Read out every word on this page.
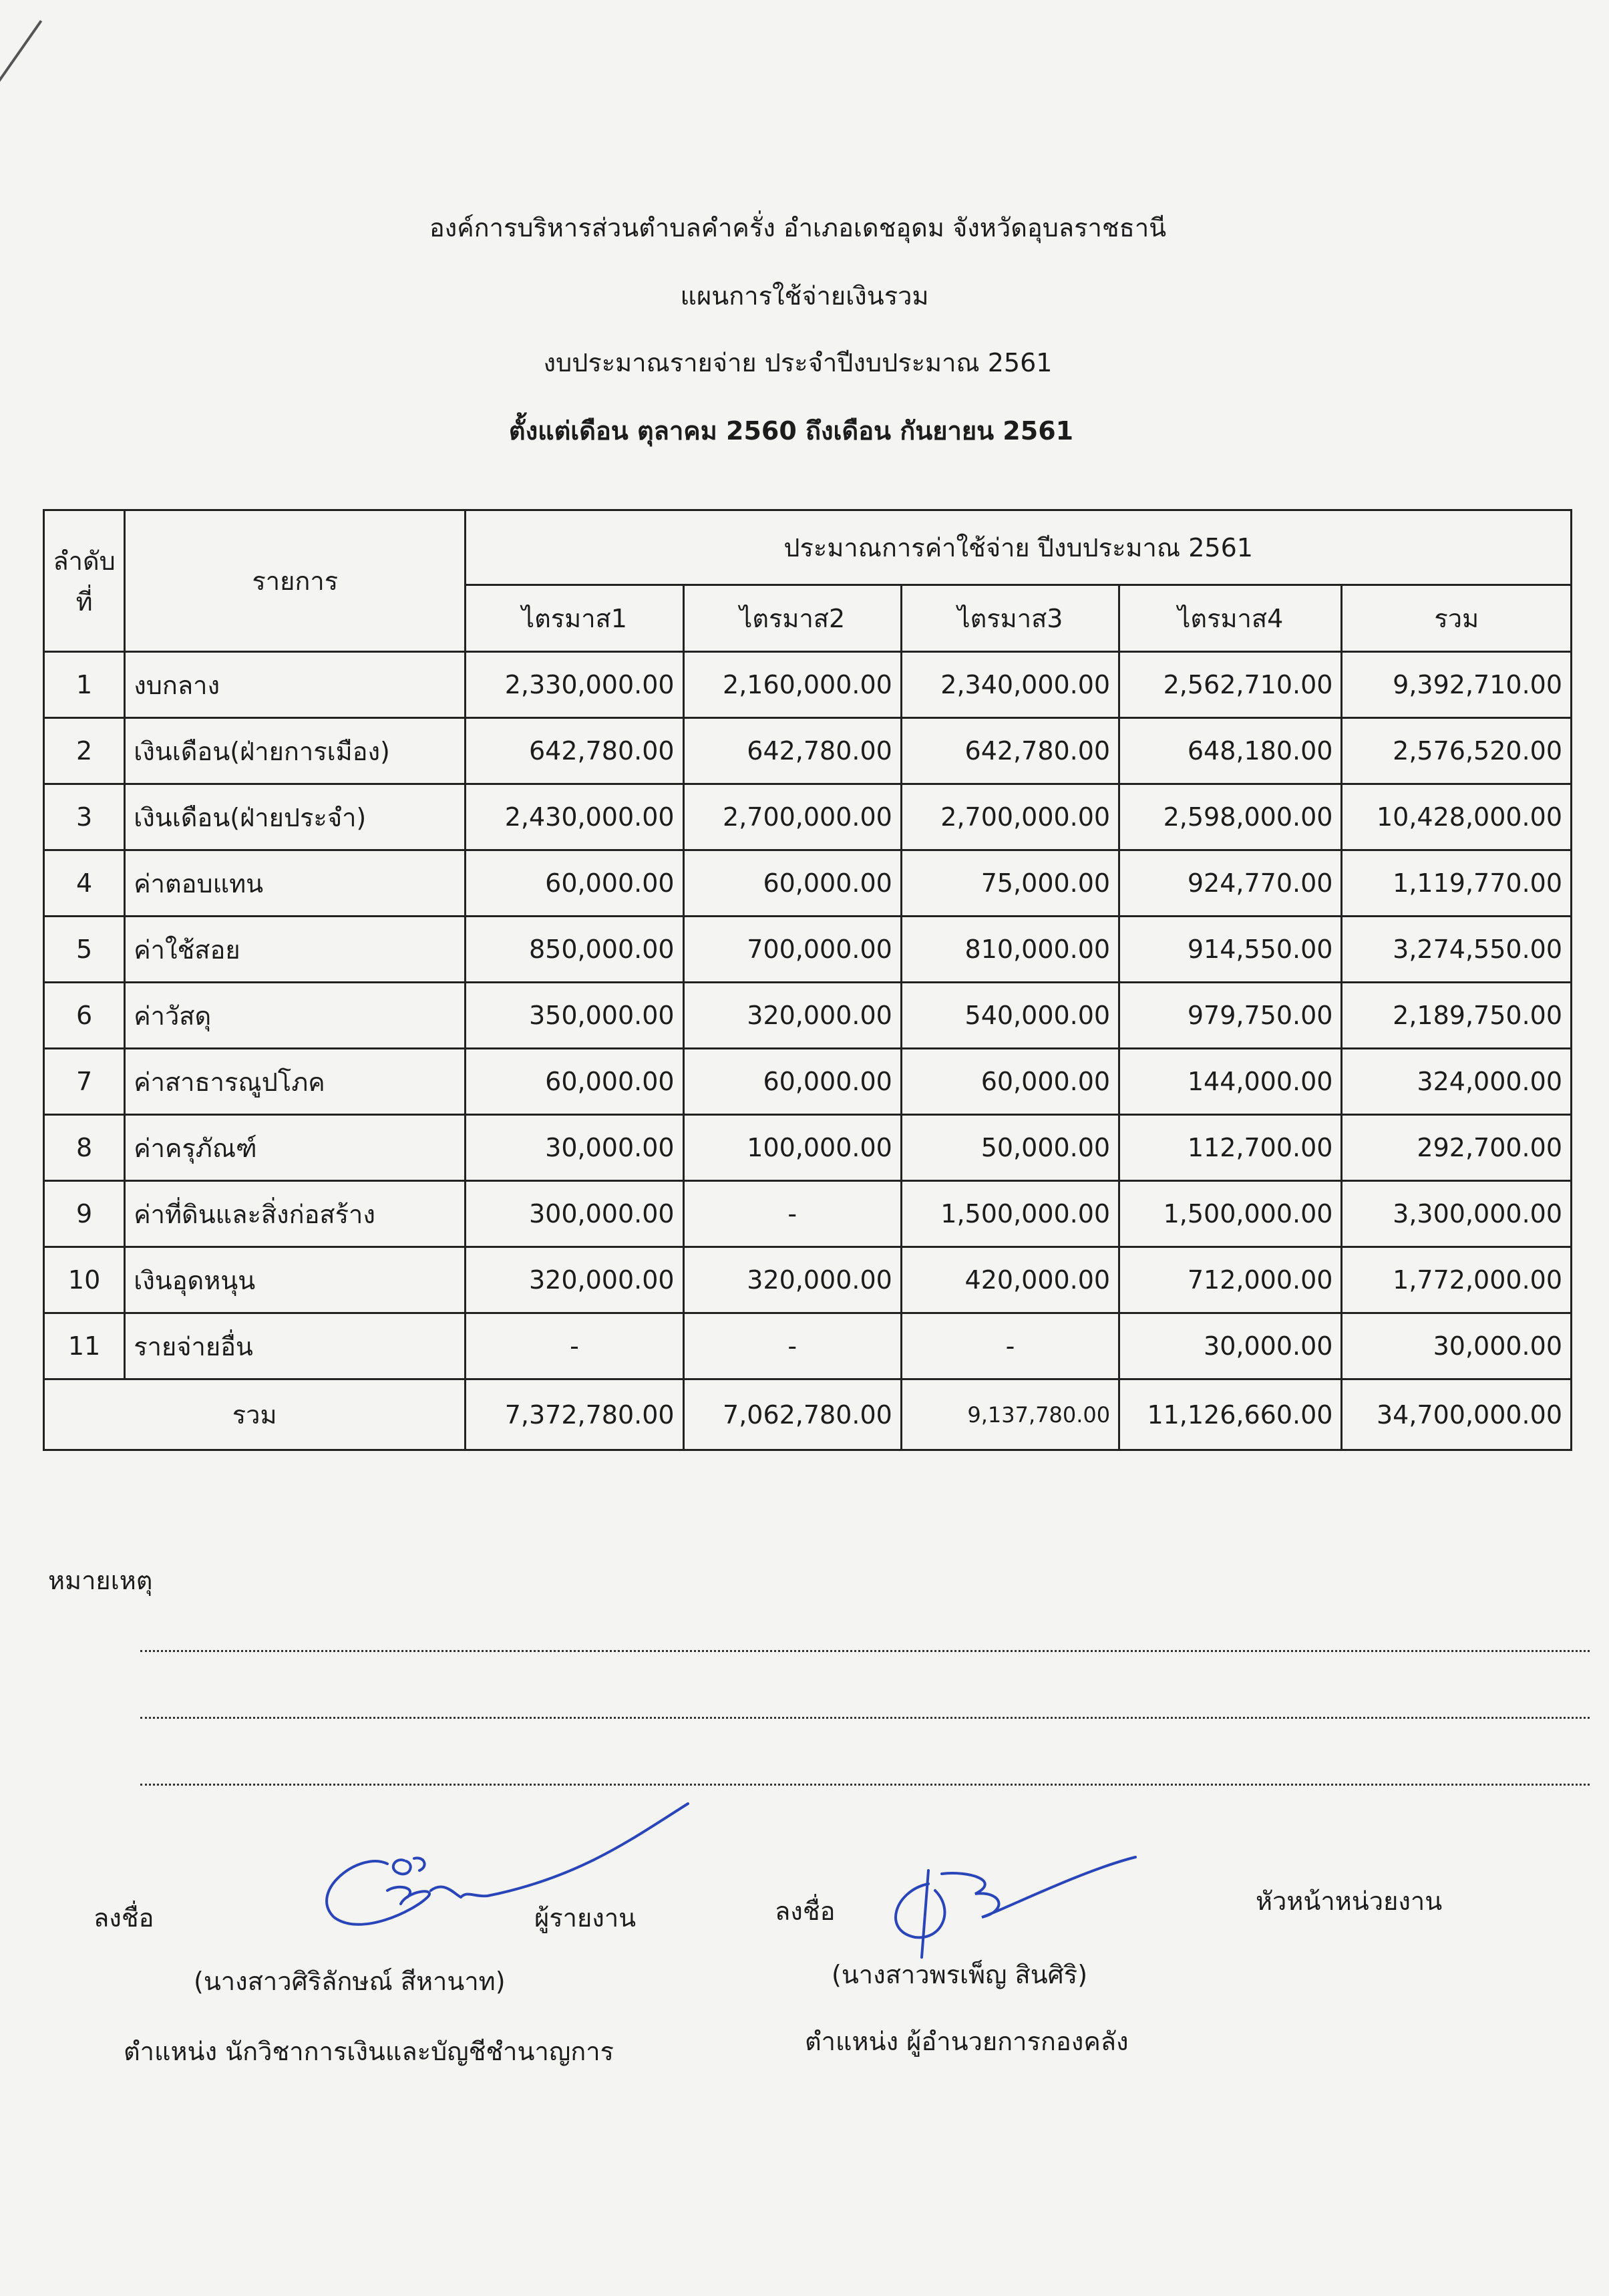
องค์การบริหารส่วนตำบลคำครั่ง อำเภอเดชอุดม จังหวัดอุบลราชธานี
แผนการใช้จ่ายเงินรวม
งบประมาณรายจ่าย ประจำปีงบประมาณ 2561
ตั้งแต่เดือน ตุลาคม 2560 ถึงเดือน กันยายน 2561
ลำดับที่	รายการ	ประมาณการค่าใช้จ่าย ปีงบประมาณ 2561				
		ไตรมาส1	ไตรมาส2	ไตรมาส3	ไตรมาส4	รวม
1	งบกลาง	2,330,000.00	2,160,000.00	2,340,000.00	2,562,710.00	9,392,710.00
2	เงินเดือน(ฝ่ายการเมือง)	642,780.00	642,780.00	642,780.00	648,180.00	2,576,520.00
3	เงินเดือน(ฝ่ายประจำ)	2,430,000.00	2,700,000.00	2,700,000.00	2,598,000.00	10,428,000.00
4	ค่าตอบแทน	60,000.00	60,000.00	75,000.00	924,770.00	1,119,770.00
5	ค่าใช้สอย	850,000.00	700,000.00	810,000.00	914,550.00	3,274,550.00
6	ค่าวัสดุ	350,000.00	320,000.00	540,000.00	979,750.00	2,189,750.00
7	ค่าสาธารณูปโภค	60,000.00	60,000.00	60,000.00	144,000.00	324,000.00
8	ค่าครุภัณฑ์	30,000.00	100,000.00	50,000.00	112,700.00	292,700.00
9	ค่าที่ดินและสิ่งก่อสร้าง	300,000.00	-	1,500,000.00	1,500,000.00	3,300,000.00
10	เงินอุดหนุน	320,000.00	320,000.00	420,000.00	712,000.00	1,772,000.00
11	รายจ่ายอื่น	-	-	-	30,000.00	30,000.00
รวม		7,372,780.00	7,062,780.00	9,137,780.00	11,126,660.00	34,700,000.00
หมายเหตุ
ลงชื่อ	ผู้รายงาน
(นางสาวศิริลักษณ์ สีหานาท)
ตำแหน่ง นักวิชาการเงินและบัญชีชำนาญการ
ลงชื่อ	หัวหน้าหน่วยงาน
(นางสาวพรเพ็ญ สินศิริ)
ตำแหน่ง ผู้อำนวยการกองคลัง
